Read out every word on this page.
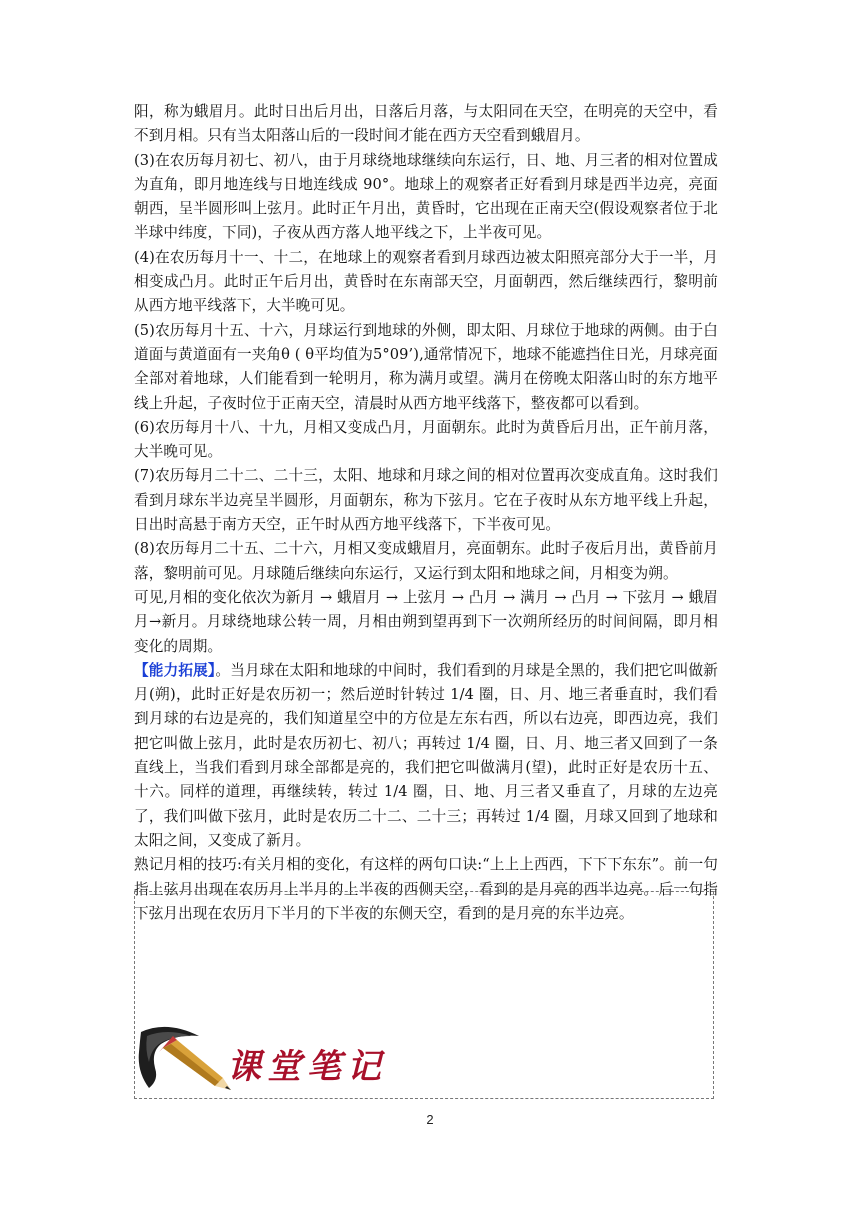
阳，称为蛾眉月。此时日出后月出，日落后月落，与太阳同在天空，在明亮的天空中，看不到月相。只有当太阳落山后的一段时间才能在西方天空看到蛾眉月。

(3)在农历每月初七、初八，由于月球绕地球继续向东运行，日、地、月三者的相对位置成为直角，即月地连线与日地连线成 90°。地球上的观察者正好看到月球是西半边亮，亮面朝西，呈半圆形叫上弦月。此时正午月出，黄昏时，它出现在正南天空(假设观察者位于北半球中纬度，下同)，子夜从西方落人地平线之下，上半夜可见。

(4)在农历每月十一、十二，在地球上的观察者看到月球西边被太阳照亮部分大于一半，月相变成凸月。此时正午后月出，黄昏时在东南部天空，月面朝西，然后继续西行，黎明前从西方地平线落下，大半晚可见。

(5)农历每月十五、十六，月球运行到地球的外侧，即太阳、月球位于地球的两侧。由于白道面与黄道面有一夹角θ ( θ平均值为5°09’),通常情况下，地球不能遮挡住日光，月球亮面全部对着地球，人们能看到一轮明月，称为满月或望。满月在傍晚太阳落山时的东方地平线上升起，子夜时位于正南天空，清晨时从西方地平线落下，整夜都可以看到。

(6)农历每月十八、十九，月相又变成凸月，月面朝东。此时为黄昏后月出，正午前月落，大半晚可见。

(7)农历每月二十二、二十三，太阳、地球和月球之间的相对位置再次变成直角。这时我们看到月球东半边亮呈半圆形，月面朝东，称为下弦月。它在子夜时从东方地平线上升起，日出时高悬于南方天空，正午时从西方地平线落下，下半夜可见。

(8)农历每月二十五、二十六，月相又变成蛾眉月，亮面朝东。此时子夜后月出，黄昏前月落，黎明前可见。月球随后继续向东运行，又运行到太阳和地球之间，月相变为朔。

可见,月相的变化依次为新月 → 蛾眉月 → 上弦月 → 凸月 → 满月 → 凸月 → 下弦月 → 蛾眉月→新月。月球绕地球公转一周，月相由朔到望再到下一次朔所经历的时间间隔，即月相变化的周期。

【能力拓展】。当月球在太阳和地球的中间时，我们看到的月球是全黑的，我们把它叫做新月(朔)，此时正好是农历初一；然后逆时针转过 1/4 圈，日、月、地三者垂直时，我们看到月球的右边是亮的，我们知道星空中的方位是左东右西，所以右边亮，即西边亮，我们把它叫做上弦月，此时是农历初七、初八；再转过 1/4 圈，日、月、地三者又回到了一条直线上，当我们看到月球全部都是亮的，我们把它叫做满月(望)，此时正好是农历十五、十六。同样的道理，再继续转，转过 1/4 圈，日、地、月三者又垂直了，月球的左边亮了，我们叫做下弦月，此时是农历二十二、二十三；再转过 1/4 圈，月球又回到了地球和太阳之间，又变成了新月。

熟记月相的技巧:有关月相的变化，有这样的两句口诀:“上上上西西，下下下东东”。前一句指上弦月出现在农历月上半月的上半夜的西侧天空，看到的是月亮的西半边亮。后一句指下弦月出现在农历月下半月的下半夜的东侧天空，看到的是月亮的东半边亮。

课堂笔记
2
